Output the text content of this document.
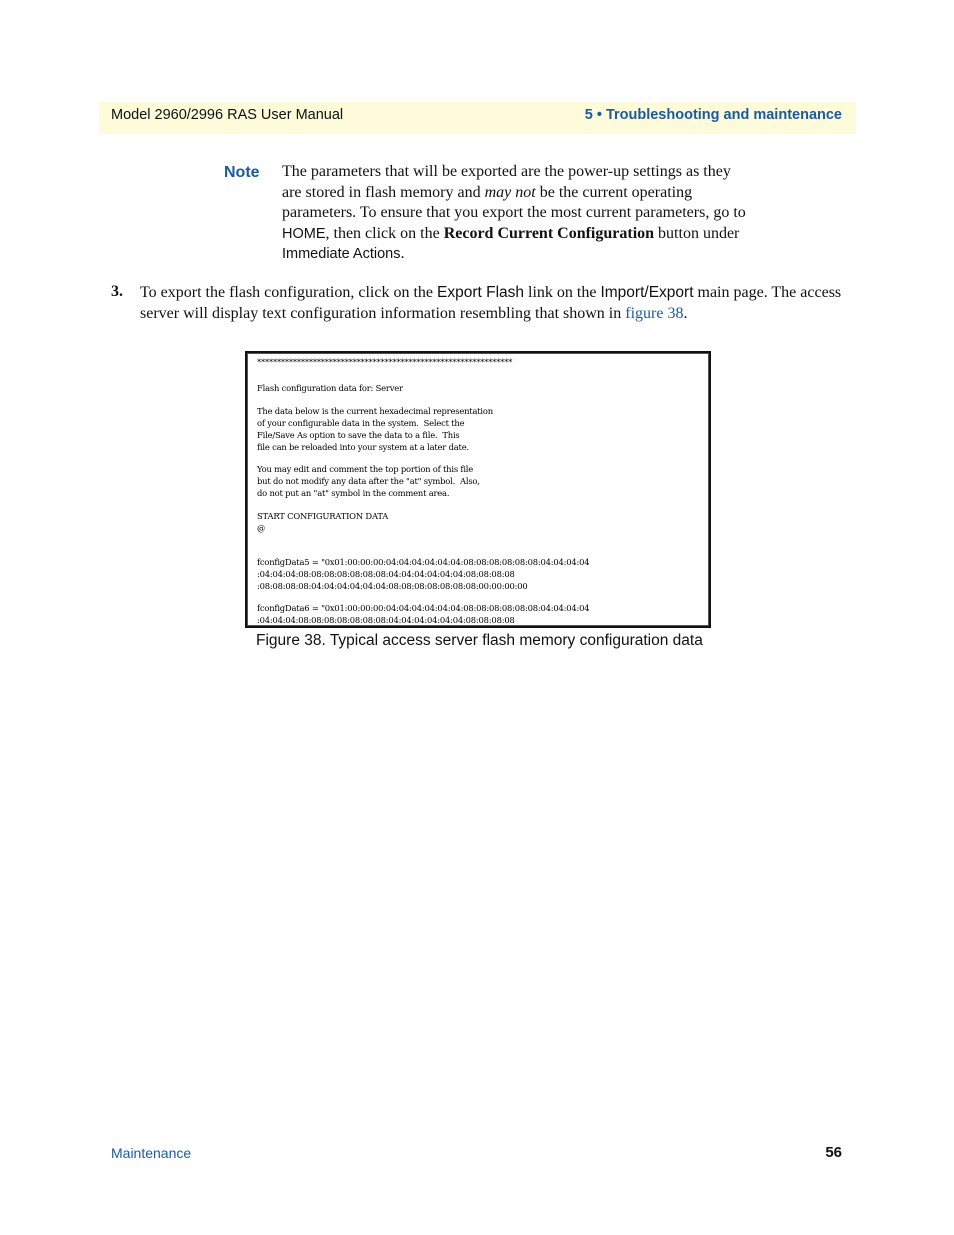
Model 2960/2996 RAS User Manual	5 • Troubleshooting and maintenance
Note The parameters that will be exported are the power-up settings as they are stored in flash memory and may not be the current operating parameters. To ensure that you export the most current parameters, go to HOME, then click on the Record Current Configuration button under Immediate Actions.
3. To export the flash configuration, click on the Export Flash link on the Import/Export main page. The access server will display text configuration information resembling that shown in figure 38.
****************************************************************
Flash configuration data for: Server
The data below is the current hexadecimal representation
of your configurable data in the system.  Select the
File/Save As option to save the data to a file.  This
file can be reloaded into your system at a later date.
You may edit and comment the top portion of this file
but do not modify any data after the "at" symbol.  Also,
do not put an "at" symbol in the comment area.
START CONFIGURATION DATA
@
fconfigData5 = "0x01:00:00:00:04:04:04:04:04:04:08:08:08:08:08:08:04:04:04:04
:04:04:04:08:08:08:08:08:08:08:04:04:04:04:04:04:08:08:08:08
:08:08:08:08:04:04:04:04:04:04:08:08:08:08:08:08:08:00:00:00:00
fconfigData6 = "0x01:00:00:00:04:04:04:04:04:04:08:08:08:08:08:08:04:04:04:04
:04:04:04:08:08:08:08:08:08:08:04:04:04:04:04:04:08:08:08:08
Figure 38. Typical access server flash memory configuration data
Maintenance	56
